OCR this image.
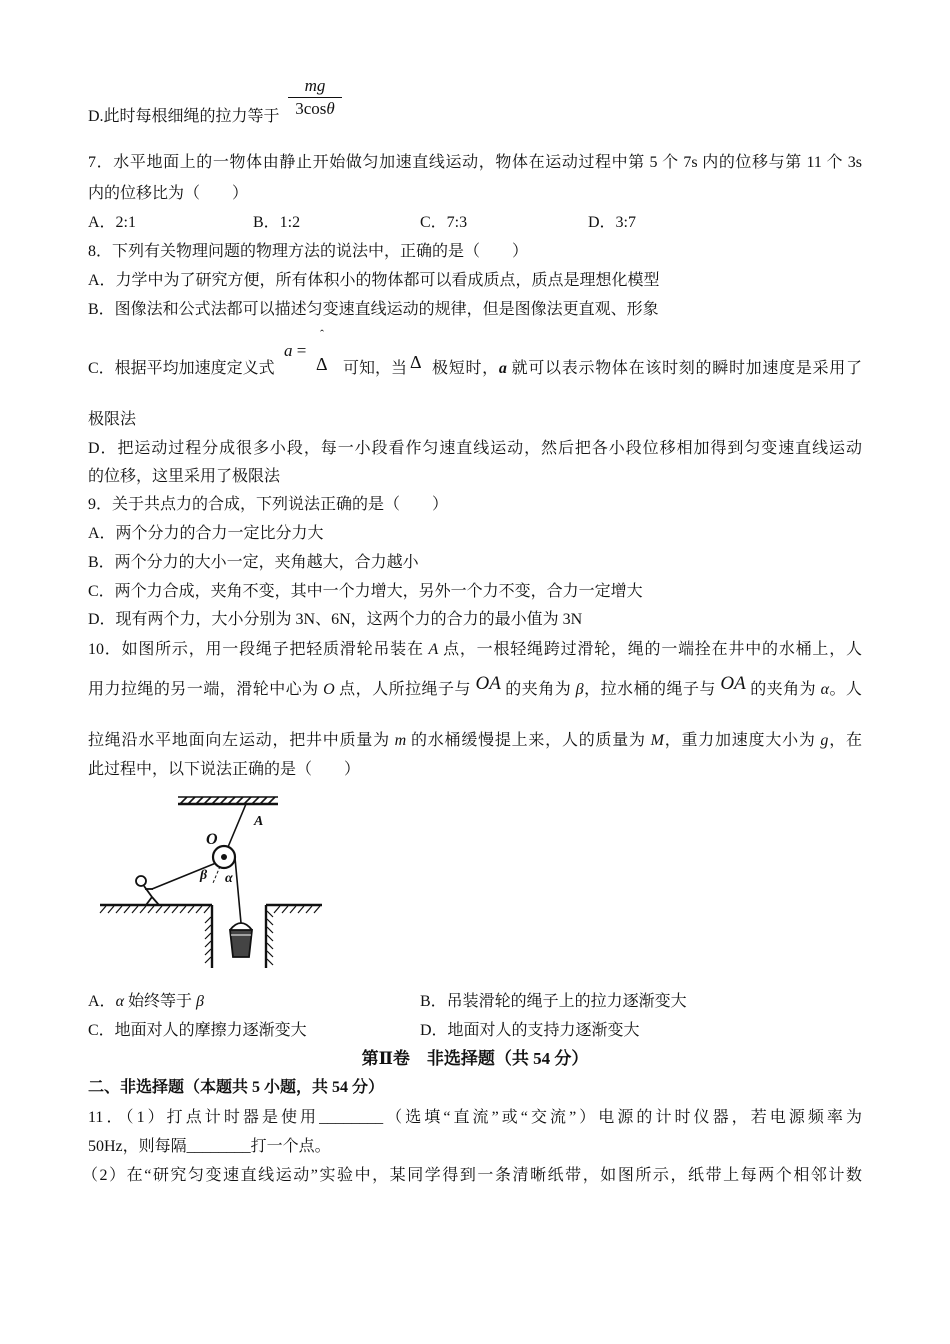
mg
3cosθ
D.此时每根细绳的拉力等于
7．水平地面上的一物体由静止开始做匀加速直线运动，物体在运动过程中第 5 个 7s 内的位移与第 11 个 3s
内的位移比为（　　）
A．2:1	B．1:2	C．7:3	D．3:7
8．下列有关物理问题的物理方法的说法中，正确的是（　　）
A．力学中为了研究方便，所有体积小的物体都可以看成质点，质点是理想化模型
B．图像法和公式法都可以描述匀变速直线运动的规律，但是图像法更直观、形象
C．根据平均加速度定义式
a =
ˆ
Δ 可知，当 Δ 极短时，a 就可以表示物体在该时刻的瞬时加速度是采用了
极限法
D．把运动过程分成很多小段，每一小段看作匀速直线运动，然后把各小段位移相加得到匀变速直线运动
的位移，这里采用了极限法
9．关于共点力的合成，下列说法正确的是（　　）
A．两个分力的合力一定比分力大
B．两个分力的大小一定，夹角越大，合力越小
C．两个力合成，夹角不变，其中一个力增大，另外一个力不变，合力一定增大
D．现有两个力，大小分别为 3N、6N，这两个力的合力的最小值为 3N
10．如图所示，用一段绳子把轻质滑轮吊装在 A 点，一根轻绳跨过滑轮，绳的一端拴在井中的水桶上，人
用力拉绳的另一端，滑轮中心为 O 点，人所拉绳子与 OA 的夹角为 β，拉水桶的绳子与 OA 的夹角为 α。人
拉绳沿水平地面向左运动，把井中质量为 m 的水桶缓慢提上来，人的质量为 M，重力加速度大小为 g，在
此过程中，以下说法正确的是（　　）
A
O
β α
A．α 始终等于 β	B．吊装滑轮的绳子上的拉力逐渐变大
C．地面对人的摩擦力逐渐变大	D．地面对人的支持力逐渐变大
第Ⅱ卷　非选择题（共 54 分）
二、非选择题（本题共 5 小题，共 54 分）
11．（1）打点计时器是使用________（选填“直流”或“交流”）电源的计时仪器，若电源频率为
50Hz，则每隔________打一个点。
（2）在“研究匀变速直线运动”实验中，某同学得到一条清晰纸带，如图所示，纸带上每两个相邻计数
